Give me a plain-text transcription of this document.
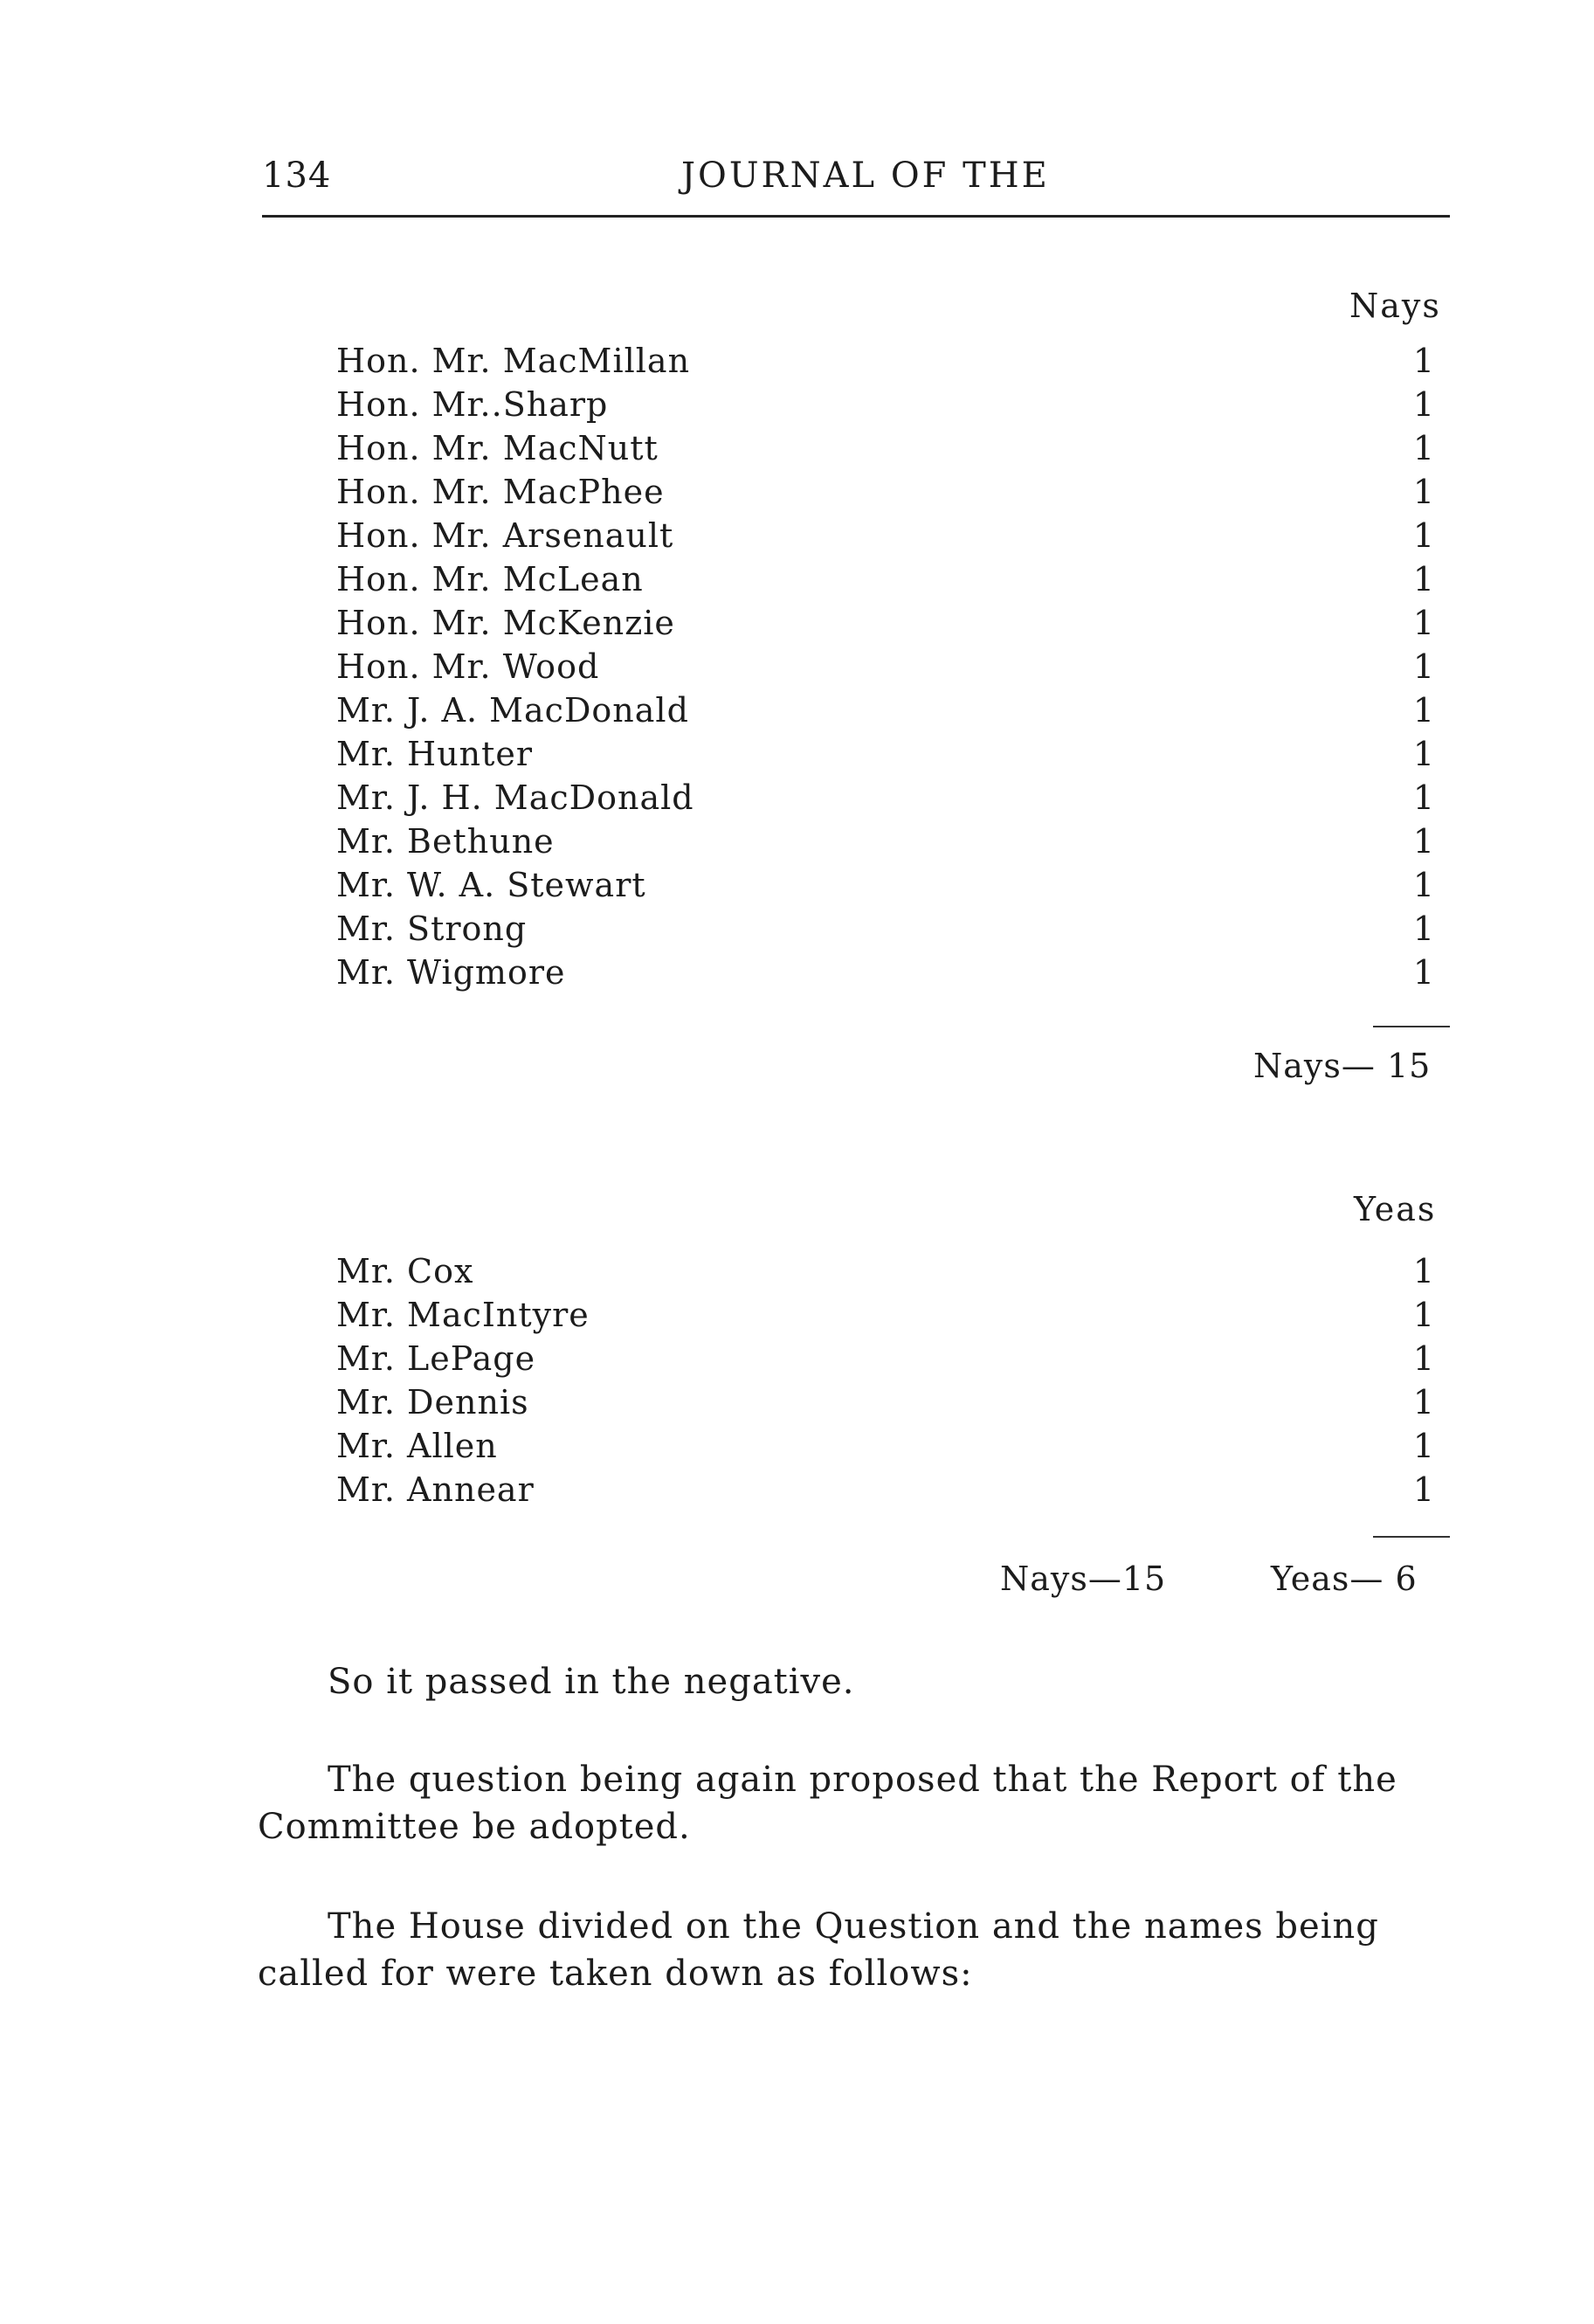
134	JOURNAL OF THE
Nays
Hon. Mr. MacMillan	1
Hon. Mr..Sharp	1
Hon. Mr. MacNutt	1
Hon. Mr. MacPhee	1
Hon. Mr. Arsenault	1
Hon. Mr. McLean	1
Hon. Mr. McKenzie	1
Hon. Mr. Wood	1
Mr. J. A. MacDonald	1
Mr. Hunter	1
Mr. J. H. MacDonald	1
Mr. Bethune	1
Mr. W. A. Stewart	1
Mr. Strong	1
Mr. Wigmore	1
Nays— 15
Yeas
Mr. Cox	1
Mr. MacIntyre	1
Mr. LePage	1
Mr. Dennis	1
Mr. Allen	1
Mr. Annear	1
Nays—15	Yeas— 6

So it passed in the negative.

The question being again proposed that the Report of the Committee be adopted.

The House divided on the Question and the names being called for were taken down as follows:
